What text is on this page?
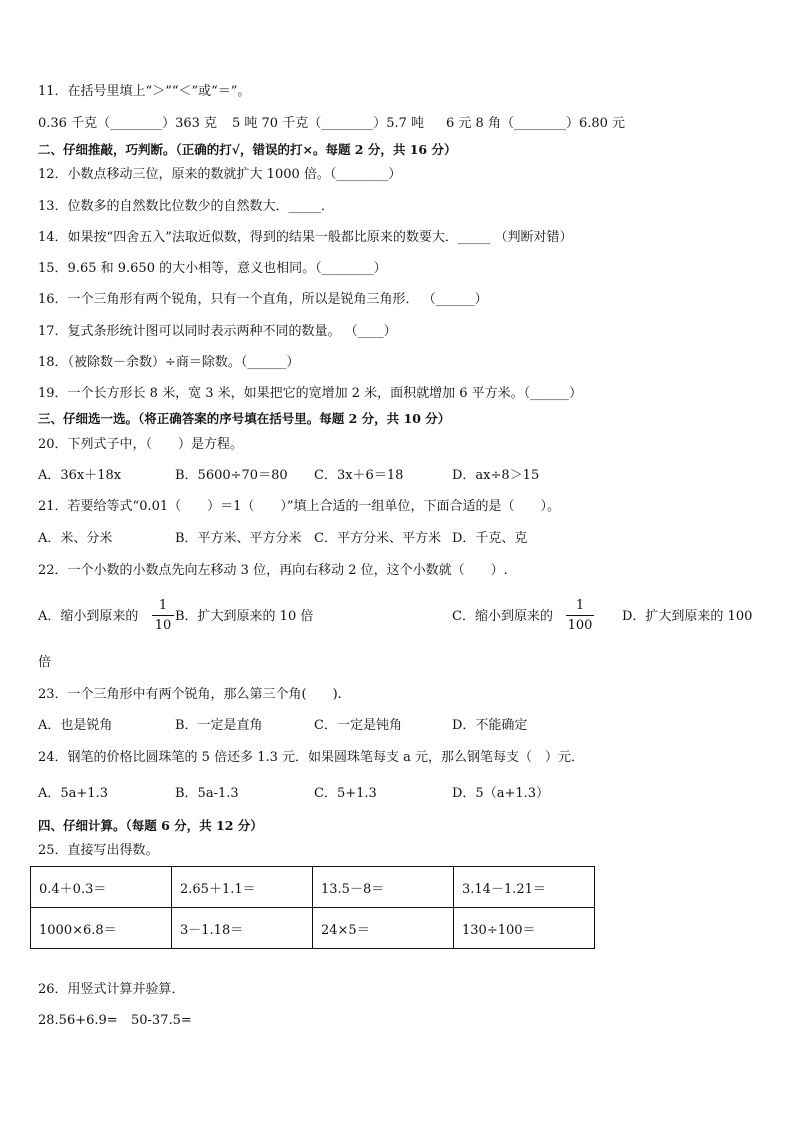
11．在括号里填上“＞”“＜”或“＝”。
0.36 千克（________）363 克 5 吨 70 千克（________）5.7 吨 6 元 8 角（________）6.80 元
二、仔细推敲，巧判断。（正确的打√，错误的打×。每题 2 分，共 16 分）
12．小数点移动三位，原来的数就扩大 1000 倍。（________）
13．位数多的自然数比位数少的自然数大．_____．
14．如果按“四舍五入”法取近似数，得到的结果一般都比原来的数要大．_____ （判断对错）
15．9.65 和 9.650 的大小相等，意义也相同。（________）
16．一个三角形有两个锐角，只有一个直角，所以是锐角三角形． （______）
17．复式条形统计图可以同时表示两种不同的数量。 （____）
18．（被除数－余数）÷商＝除数。（______）
19．一个长方形长 8 米，宽 3 米，如果把它的宽增加 2 米，面积就增加 6 平方米。（______）
三、仔细选一选。（将正确答案的序号填在括号里。每题 2 分，共 10 分）
20．下列式子中，（　　）是方程。
A．36x＋18x	B．5600÷70＝80 C．3x＋6＝18	D．ax÷8＞15
21．若要给等式“0.01（　　）＝1（　　）”填上合适的一组单位，下面合适的是（　　）。
A．米、分米	B．平方米、平方分米 C．平方分米、平方米 D．千克、克
22．一个小数的小数点先向左移动 3 位，再向右移动 2 位，这个小数就（　　）.
A．缩小到原来的
1
10
B．扩大到原来的 10 倍	C．缩小到原来的
1
100
D．扩大到原来的 100
倍
23．一个三角形中有两个锐角，那么第三个角(　　).
A．也是锐角	B．一定是直角	C．一定是钝角	D．不能确定
24．钢笔的价格比圆珠笔的 5 倍还多 1.3 元．如果圆珠笔每支 a 元，那么钢笔每支（　）元．
A．5a+1.3	B．5a-1.3	C．5+1.3	D．5（a+1.3）
四、仔细计算。（每题 6 分，共 12 分）
25．直接写出得数。
0.4＋0.3＝	2.65＋1.1＝	13.5－8＝	3.14－1.21＝
1000×6.8＝	3－1.18＝	24×5＝	130÷100＝
26．用竖式计算并验算．
28.56+6.9= 50-37.5=
